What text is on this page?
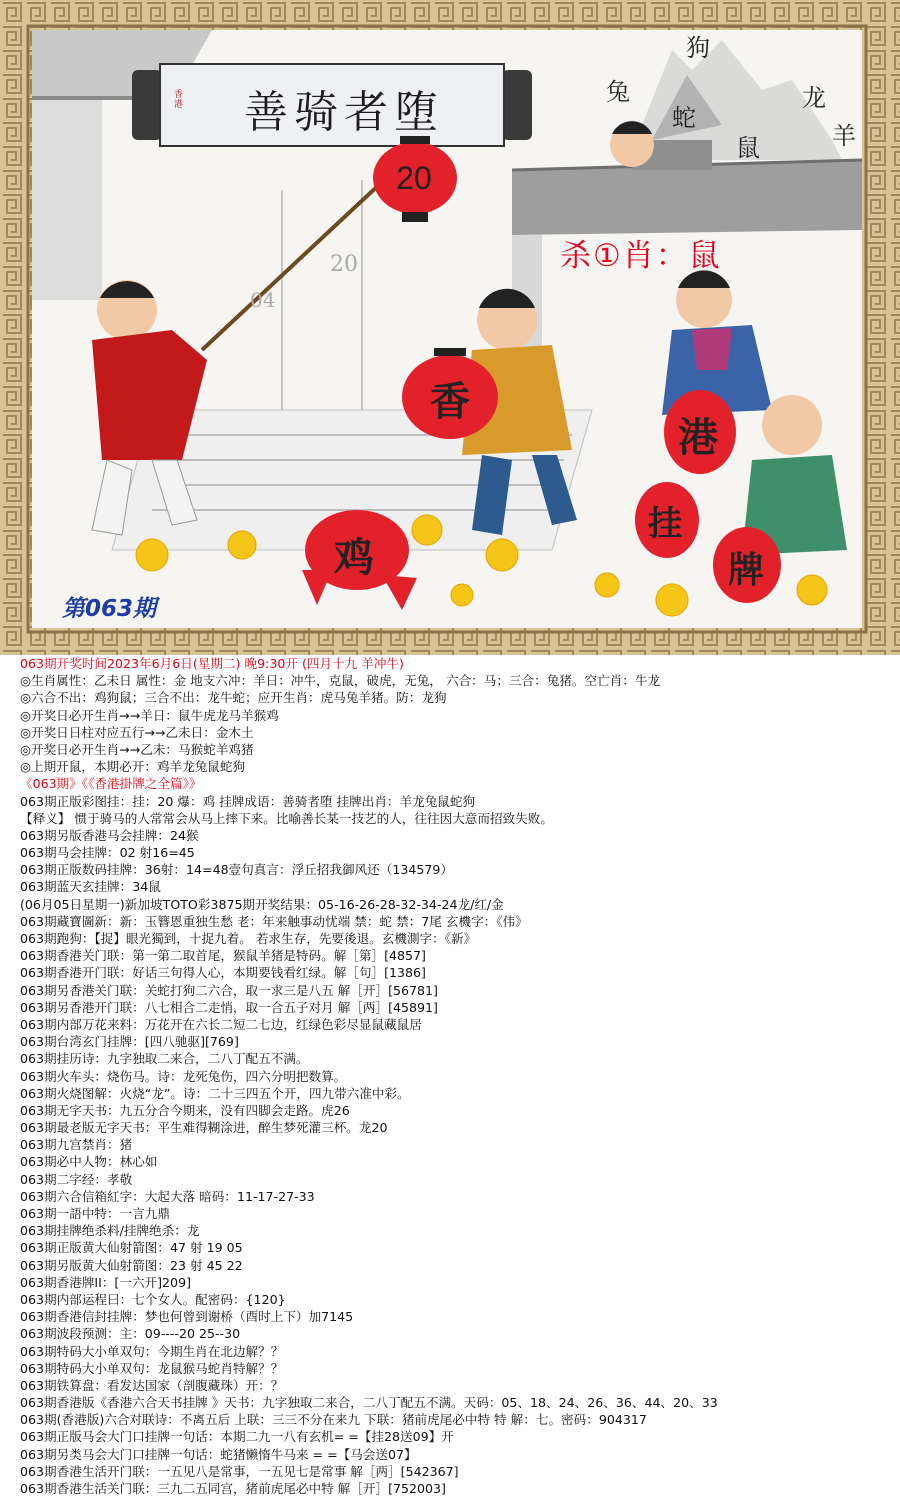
香港	善骑者堕
20
狗
兔	龙
蛇
羊
鼠
20
04
杀①肖：鼠
香
港
挂
牌
鸡
第063期
063期开奖时间2023年6月6日(星期二) 晚9:30开 (四月十九 羊冲牛)
◎生肖属性：乙未日 属性：金 地支六冲：羊日：冲牛，克鼠，破虎，无兔， 六合：马；三合：兔猪。空亡肖：牛龙
◎六合不出：鸡狗鼠；三合不出：龙牛蛇；应开生肖：虎马兔羊猪。防：龙狗
◎开奖日必开生肖→→羊日：鼠牛虎龙马羊猴鸡
◎开奖日日柱对应五行→→乙未日：金木土
◎开奖日必开生肖→→乙未：马猴蛇羊鸡猪
◎上期开鼠，本期必开：鸡羊龙兔鼠蛇狗
《063期》《《香港掛牌之全篇》》
063期正版彩图挂：挂：20 爆：鸡 挂牌成语：善骑者堕 挂牌出肖：羊龙兔鼠蛇狗
【释义】 惯于骑马的人常常会从马上摔下来。比喻善长某一技艺的人，往往因大意而招致失败。
063期另版香港马会挂牌：24猴
063期马会挂牌：02 射16=45
063期正版数码挂牌：36射：14=48壹句真言：浮丘招我御风还（134579）
063期蓝天玄挂牌：34鼠
(06月05日星期一)新加坡TOTO彩3875期开奖结果：05-16-26-28-32-34-24龙/红/金
063期藏寶圖新：新：玉簪恩重独生愁 老：年来触事动忧端 禁：蛇 禁：7尾 玄機字：《伟》
063期跑狗：【捉】眼光獨到，十捉九着。 若求生存，先要後退。玄機測字：《新》
063期香港关门联：第一第二取首尾，猴鼠羊猪是特码。解［第］[4857]
063期香港开门联：好话三句得人心，本期要钱看红绿。解［句］[1386]
063期另香港关门联：关蛇打狗二六合，取一求三是八五 解［开］[56781]
063期另香港开门联：八七相合二走悄，取一合五子对月 解［两］[45891]
063期内部万花来料：万花开在六长二短二七边，红绿色彩尽显鼠藏鼠居
063期台湾玄门挂牌：[四八驰驱][769]
063期挂历诗：九字独取二来合，二八丁配五不满。
063期火车头：烧伤马。诗：龙死兔伤，四六分明把数算。
063期火烧图解：火烧“龙”。诗：二十三四五个开，四九带六准中彩。
063期无字天书：九五分合今期来，没有四脚会走路。虎26
063期最老版无字天书：平生难得糊涂进，醉生梦死灌三杯。龙20
063期九宫禁肖：猪
063期必中人物：林心如
063期二字经：孝敬
063期六合信箱紅字：大起大落 暗码：11-17-27-33
063期一語中特：一言九鼎
063期挂牌绝杀料/挂牌绝杀：龙
063期正版黄大仙射箭图：47 射 19 05
063期另版黄大仙射箭图：23 射 45 22
063期香港牌II：[一六开]209]
063期内部运程曰：七个女人。配密码：{120}
063期香港信封挂牌：梦也何曾到谢桥（酉时上下）加7145
063期波段预测：主：09----20 25--30
063期特码大小单双句：今期生肖在北边解？？
063期特码大小单双句：龙鼠猴马蛇肖特解？？
063期铁算盘：看发达国家（剖腹藏珠）开：？
063期香港版《香港六合天书挂牌 》天书：九字独取二来合，二八丁配五不满。天码：05、18、24、26、36、44、20、33
063期(香港版)六合对联诗：不离五后 上联：三三不分在来九 下联：猪前虎尾必中特 特 解：七。密码：904317
063期正版马会大门口挂牌一句话：本期二九一八有玄机= =【挂28送09】开
063期另类马会大门口挂牌一句话：蛇猪懒惰牛马来 = =【马会送07】
063期香港生活开门联：一五见八是常事，一五见七是常事 解［两］[542367]
063期香港生活关门联：三九二五同宫，猪前虎尾必中特 解［开］[752003]
